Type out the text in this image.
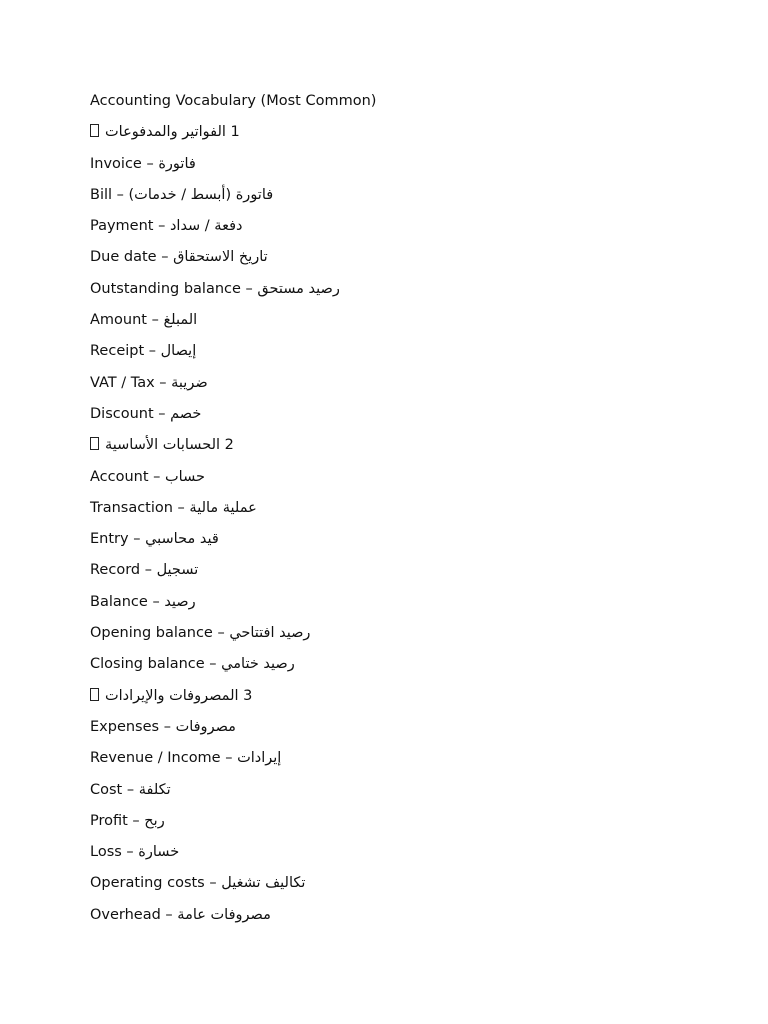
Accounting Vocabulary (Most Common)
1 الفواتير والمدفوعات
Invoice – فاتورة
Bill – فاتورة (أبسط / خدمات)
Payment – دفعة / سداد
Due date – تاريخ الاستحقاق
Outstanding balance – رصيد مستحق
Amount – المبلغ
Receipt – إيصال
VAT / Tax – ضريبة
Discount – خصم
2 الحسابات الأساسية
Account – حساب
Transaction – عملية مالية
Entry – قيد محاسبي
Record – تسجيل
Balance – رصيد
Opening balance – رصيد افتتاحي
Closing balance – رصيد ختامي
3 المصروفات والإيرادات
Expenses – مصروفات
Revenue / Income – إيرادات
Cost – تكلفة
Profit – ربح
Loss – خسارة
Operating costs – تكاليف تشغيل
Overhead – مصروفات عامة
